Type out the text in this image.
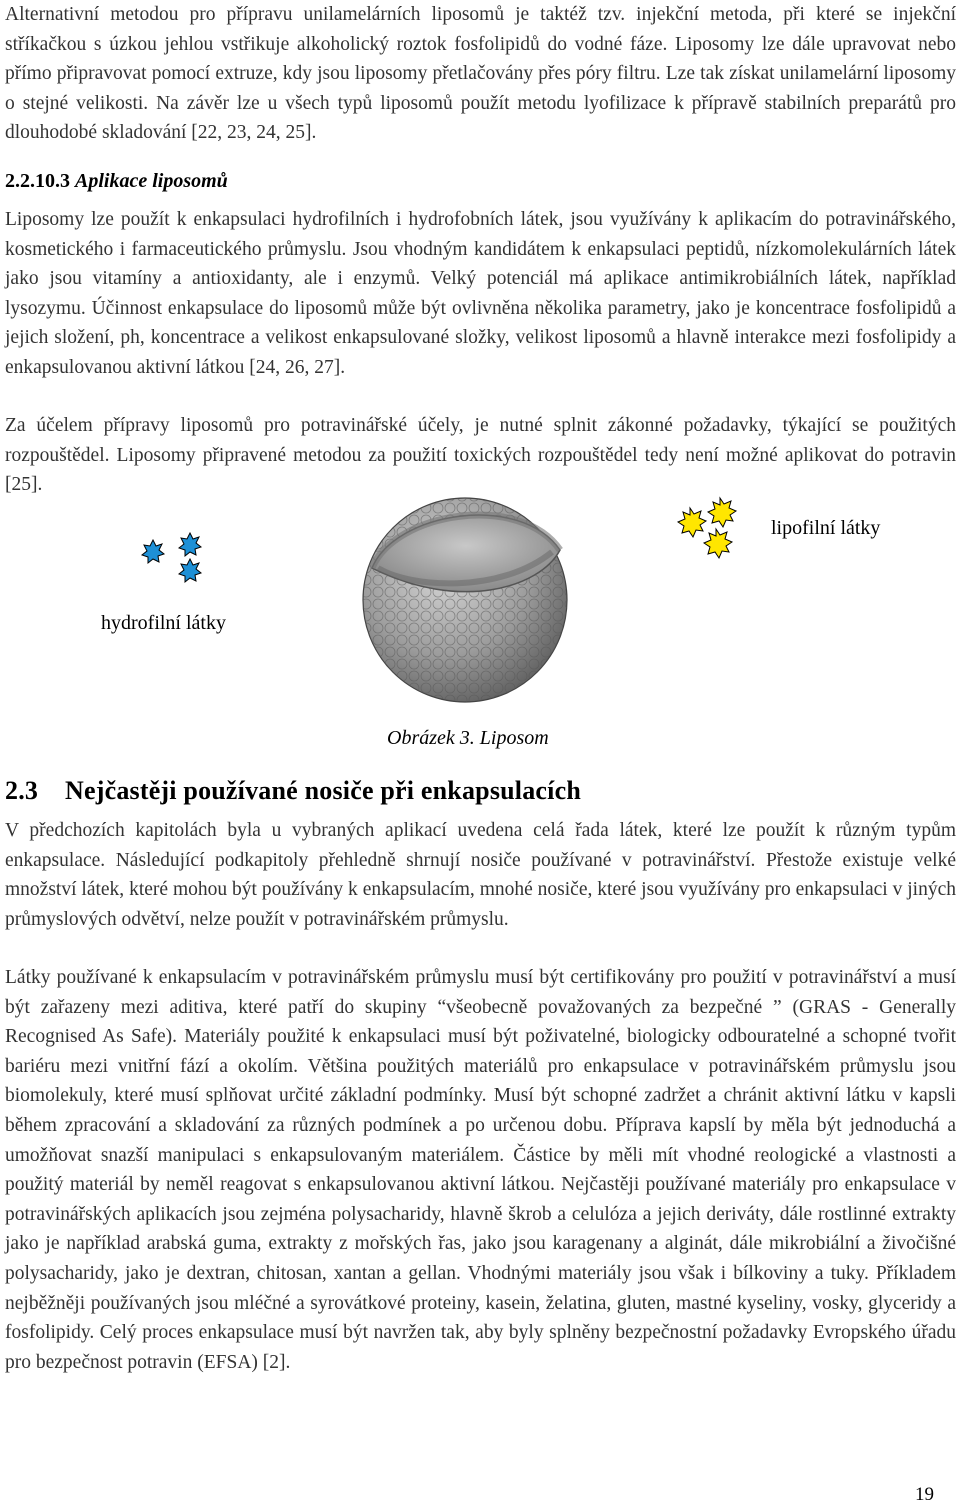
Alternativní metodou pro přípravu unilamelárních liposomů je taktéž tzv. injekční metoda, při které se injekční stříkačkou s úzkou jehlou vstřikuje alkoholický roztok fosfolipidů do vodné fáze. Liposomy lze dále upravovat nebo přímo připravovat pomocí extruze, kdy jsou liposomy přetlačovány přes póry filtru. Lze tak získat unilamelární liposomy o stejné velikosti. Na závěr lze u všech typů liposomů použít metodu lyofilizace k přípravě stabilních preparátů pro dlouhodobé skladování [22, 23, 24, 25].

2.2.10.3 Aplikace liposomů

Liposomy lze použít k enkapsulaci hydrofilních i hydrofobních látek, jsou využívány k aplikacím do potravinářského, kosmetického i farmaceutického průmyslu. Jsou vhodným kandidátem k enkapsulaci peptidů, nízkomolekulárních látek jako jsou vitamíny a antioxidanty, ale i enzymů. Velký potenciál má aplikace antimikrobiálních látek, například lysozymu. Účinnost enkapsulace do liposomů může být ovlivněna několika parametry, jako je koncentrace fosfolipidů a jejich složení, ph, koncentrace a velikost enkapsulované složky, velikost liposomů a hlavně interakce mezi fosfolipidy a enkapsulovanou aktivní látkou [24, 26, 27].

Za účelem přípravy liposomů pro potravinářské účely, je nutné splnit zákonné požadavky, týkající se použitých rozpouštědel. Liposomy připravené metodou za použití toxických rozpouštědel tedy není možné aplikovat do potravin [25].

lipofilní látky
hydrofilní látky
Obrázek 3. Liposom
2.3 Nejčastěji používané nosiče při enkapsulacích

V předchozích kapitolách byla u vybraných aplikací uvedena celá řada látek, které lze použít k různým typům enkapsulace. Následující podkapitoly přehledně shrnují nosiče používané v potravinářství. Přestože existuje velké množství látek, které mohou být používány k enkapsulacím, mnohé nosiče, které jsou využívány pro enkapsulaci v jiných průmyslových odvětví, nelze použít v potravinářském průmyslu.

Látky používané k enkapsulacím v potravinářském průmyslu musí být certifikovány pro použití v potravinářství a musí být zařazeny mezi aditiva, které patří do skupiny “všeobecně považovaných za bezpečné ” (GRAS - Generally Recognised As Safe). Materiály použité k enkapsulaci musí být poživatelné, biologicky odbouratelné a schopné tvořit bariéru mezi vnitřní fází a okolím. Většina použitých materiálů pro enkapsulace v potravinářském průmyslu jsou biomolekuly, které musí splňovat určité základní podmínky. Musí být schopné zadržet a chránit aktivní látku v kapsli během zpracování a skladování za různých podmínek a po určenou dobu. Příprava kapslí by měla být jednoduchá a umožňovat snazší manipulaci s enkapsulovaným materiálem. Částice by měli mít vhodné reologické a vlastnosti a použitý materiál by neměl reagovat s enkapsulovanou aktivní látkou. Nejčastěji používané materiály pro enkapsulace v potravinářských aplikacích jsou zejména polysacharidy, hlavně škrob a celulóza a jejich deriváty, dále rostlinné extrakty jako je například arabská guma, extrakty z mořských řas, jako jsou karagenany a alginát, dále mikrobiální a živočišné polysacharidy, jako je dextran, chitosan, xantan a gellan. Vhodnými materiály jsou však i bílkoviny a tuky. Příkladem nejběžněji používaných jsou mléčné a syrovátkové proteiny, kasein, želatina, gluten, mastné kyseliny, vosky, glyceridy a fosfolipidy. Celý proces enkapsulace musí být navržen tak, aby byly splněny bezpečnostní požadavky Evropského úřadu pro bezpečnost potravin (EFSA) [2].

19
